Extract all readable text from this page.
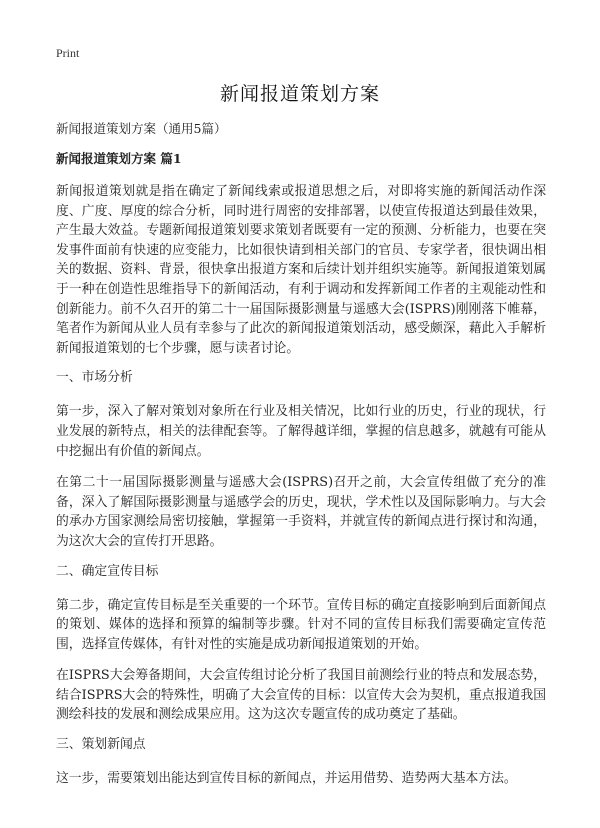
Print
新闻报道策划方案

新闻报道策划方案（通用5篇）

新闻报道策划方案 篇1

新闻报道策划就是指在确定了新闻线索或报道思想之后，对即将实施的新闻活动作深度、广度、厚度的综合分析，同时进行周密的安排部署，以使宣传报道达到最佳效果，产生最大效益。专题新闻报道策划要求策划者既要有一定的预测、分析能力，也要在突发事件面前有快速的应变能力，比如很快请到相关部门的官员、专家学者，很快调出相关的数据、资料、背景，很快拿出报道方案和后续计划并组织实施等。新闻报道策划属于一种在创造性思维指导下的新闻活动，有利于调动和发挥新闻工作者的主观能动性和创新能力。前不久召开的第二十一届国际摄影测量与遥感大会(ISPRS)刚刚落下帷幕，笔者作为新闻从业人员有幸参与了此次的新闻报道策划活动，感受颇深，藉此入手解析新闻报道策划的七个步骤，愿与读者讨论。

一、市场分析

第一步，深入了解对策划对象所在行业及相关情况，比如行业的历史，行业的现状，行业发展的新特点，相关的法律配套等。了解得越详细，掌握的信息越多，就越有可能从中挖掘出有价值的新闻点。

在第二十一届国际摄影测量与遥感大会(ISPRS)召开之前，大会宣传组做了充分的准备，深入了解国际摄影测量与遥感学会的历史，现状，学术性以及国际影响力。与大会的承办方国家测绘局密切接触，掌握第一手资料，并就宣传的新闻点进行探讨和沟通，为这次大会的宣传打开思路。

二、确定宣传目标

第二步，确定宣传目标是至关重要的一个环节。宣传目标的确定直接影响到后面新闻点的策划、媒体的选择和预算的编制等步骤。针对不同的宣传目标我们需要确定宣传范围，选择宣传媒体，有针对性的实施是成功新闻报道策划的开始。

在ISPRS大会筹备期间，大会宣传组讨论分析了我国目前测绘行业的特点和发展态势，结合ISPRS大会的特殊性，明确了大会宣传的目标：以宣传大会为契机，重点报道我国测绘科技的发展和测绘成果应用。这为这次专题宣传的成功奠定了基础。

三、策划新闻点

这一步，需要策划出能达到宣传目标的新闻点，并运用借势、造势两大基本方法。
